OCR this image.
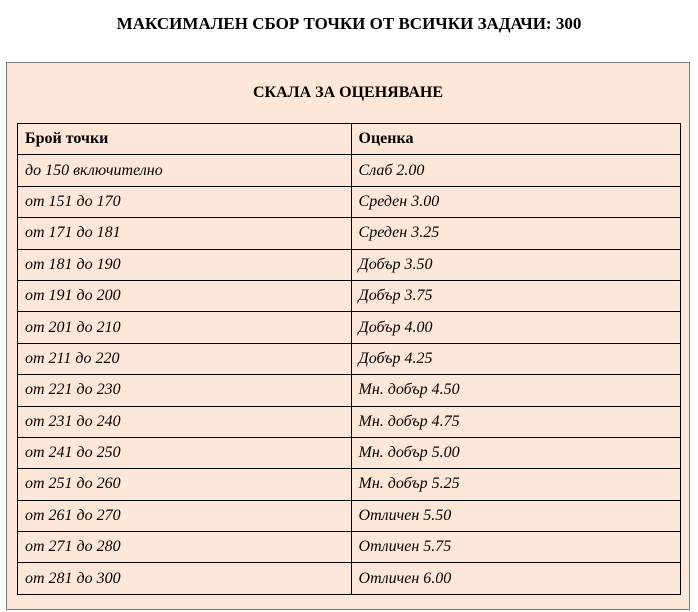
МАКСИМАЛЕН СБОР ТОЧКИ ОТ ВСИЧКИ ЗАДАЧИ: 300
СКАЛА ЗА ОЦЕНЯВАНЕ
Брой точки	Оценка
до 150 включително	Слаб 2.00
от 151 до 170	Среден 3.00
от 171 до 181	Среден 3.25
от 181 до 190	Добър 3.50
от 191 до 200	Добър 3.75
от 201 до 210	Добър 4.00
от 211 до 220	Добър 4.25
от 221 до 230	Мн. добър 4.50
от 231 до 240	Мн. добър 4.75
от 241 до 250	Мн. добър 5.00
от 251 до 260	Мн. добър 5.25
от 261 до 270	Отличен 5.50
от 271 до 280	Отличен 5.75
от 281 до 300	Отличен 6.00
